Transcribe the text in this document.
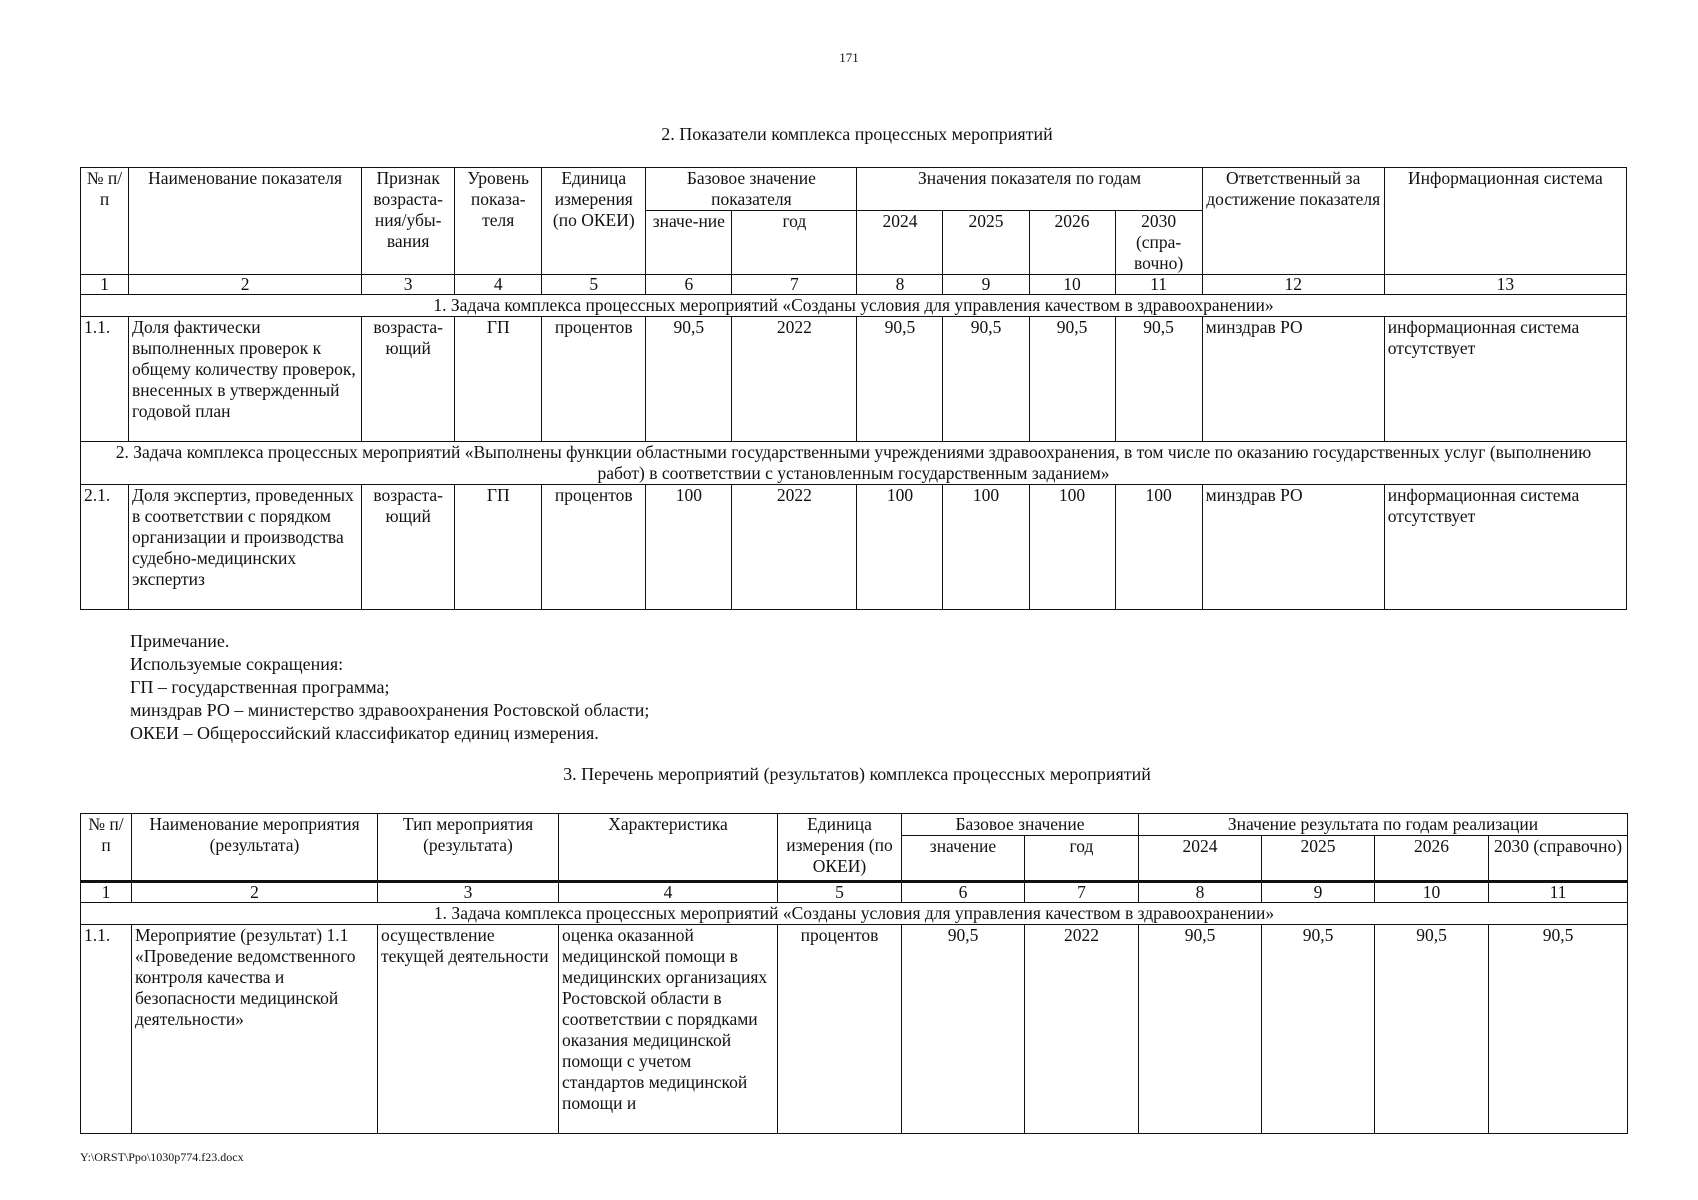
171
2. Показатели комплекса процессных мероприятий
№ п/п	Наименование показателя	Признак возраста-ния/убы-вания	Уровень показа-теля	Единица измерения (по ОКЕИ)	Базовое значение показателя		Значения показателя по годам				Ответственный за достижение показателя	Информационная система
					значе-ние	год	2024	2025	2026	2030 (спра-вочно)		
1	2	3	4	5	6	7	8	9	10	11	12	13
1. Задача комплекса процессных мероприятий «Созданы условия для управления качеством в здравоохранении»												
1.1.	Доля фактически выполненных проверок к общему количеству проверок, внесенных в утвержденный годовой план	возраста-ющий	ГП	процентов	90,5	2022	90,5	90,5	90,5	90,5	минздрав РО	информационная система отсутствует
2. Задача комплекса процессных мероприятий «Выполнены функции областными государственными учреждениями здравоохранения, в том числе по оказанию государственных услуг (выполнению работ) в соответствии с установленным государственным заданием»												
2.1.	Доля экспертиз, проведенных в соответствии с порядком организации и производства судебно-медицинских экспертиз	возраста-ющий	ГП	процентов	100	2022	100	100	100	100	минздрав РО	информационная система отсутствует
Примечание.
Используемые сокращения:
ГП – государственная программа;
минздрав РО – министерство здравоохранения Ростовской области;
ОКЕИ – Общероссийский классификатор единиц измерения.
3. Перечень мероприятий (результатов) комплекса процессных мероприятий
№ п/п	Наименование мероприятия (результата)	Тип мероприятия (результата)	Характеристика	Единица измерения (по ОКЕИ)	Базовое значение		Значение результата по годам реализации			
					значение	год	2024	2025	2026	2030 (справочно)
1	2	3	4	5	6	7	8	9	10	11
1. Задача комплекса процессных мероприятий «Созданы условия для управления качеством в здравоохранении»										
1.1.	Мероприятие (результат) 1.1 «Проведение ведомственного контроля качества и безопасности медицинской деятельности»	осуществление текущей деятельности	оценка оказанной медицинской помощи в медицинских организациях Ростовской области в соответствии с порядками оказания медицинской помощи с учетом стандартов медицинской помощи и	процентов	90,5	2022	90,5	90,5	90,5	90,5
Y:\ORST\Ppo\1030p774.f23.docx
